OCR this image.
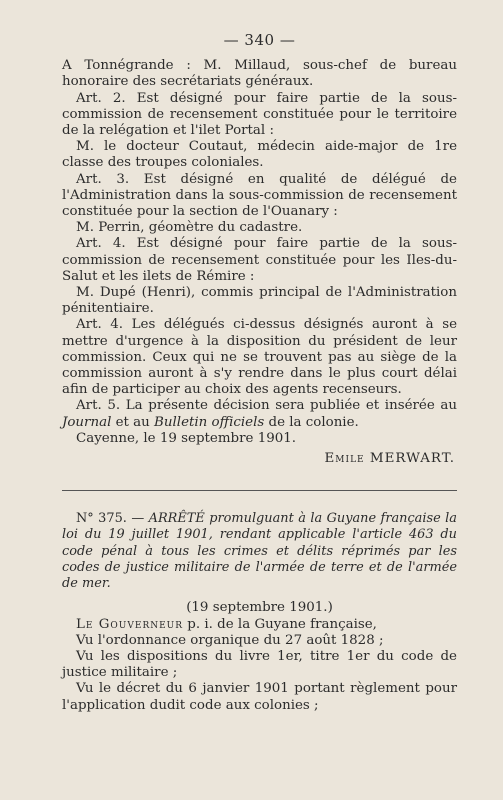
— 340 —

A Tonnégrande : M. Millaud, sous-chef de bureau honoraire des secrétariats généraux.

Art. 2. Est désigné pour faire partie de la sous-commission de recensement constituée pour le territoire de la relégation et l'ilet Portal :

M. le docteur Coutaut, médecin aide-major de 1re classe des troupes coloniales.

Art. 3. Est désigné en qualité de délégué de l'Administration dans la sous-commission de recensement constituée pour la section de l'Ouanary :

M. Perrin, géomètre du cadastre.

Art. 4. Est désigné pour faire partie de la sous-commission de recensement constituée pour les Iles-du-Salut et les ilets de Rémire :

M. Dupé (Henri), commis principal de l'Administration pénitentiaire.

Art. 4. Les délégués ci-dessus désignés auront à se mettre d'urgence à la disposition du président de leur commission. Ceux qui ne se trouvent pas au siège de la commission auront à s'y rendre dans le plus court délai afin de participer au choix des agents recenseurs.

Art. 5. La présente décision sera publiée et insérée au Journal et au Bulletin officiels de la colonie.

Cayenne, le 19 septembre 1901.

Emile MERWART.

N° 375. — ARRÊTÉ promulguant à la Guyane française la loi du 19 juillet 1901, rendant applicable l'article 463 du code pénal à tous les crimes et délits réprimés par les codes de justice militaire de l'armée de terre et de l'armée de mer.

(19 septembre 1901.)

Le Gouverneur p. i. de la Guyane française,

Vu l'ordonnance organique du 27 août 1828 ;

Vu les dispositions du livre 1er, titre 1er du code de justice militaire ;

Vu le décret du 6 janvier 1901 portant règlement pour l'application dudit code aux colonies ;
